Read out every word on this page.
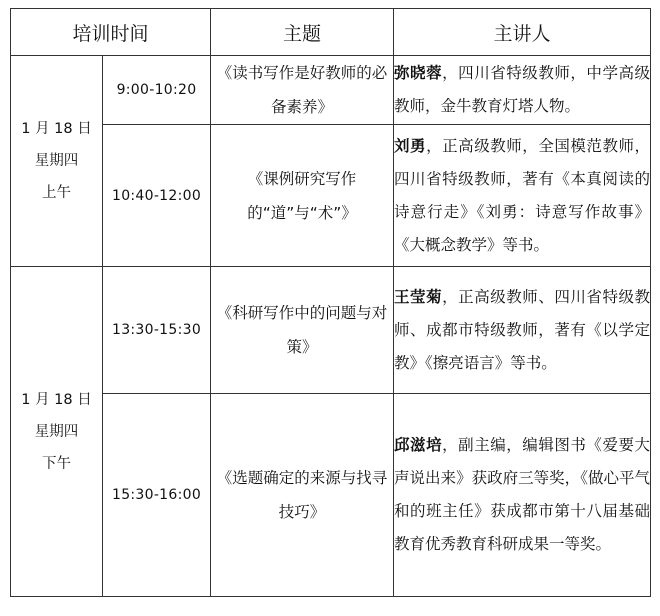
培训时间		主题	主讲人

1 月 18 日
星期四
上午	9:00-10:20	《读书写作是好教师的必备素养》	弥晓蓉，四川省特级教师，中学高级教师，金牛教育灯塔人物。
	10:40-12:00	《课例研究写作的“道”与“术”》	刘勇，正高级教师，全国模范教师，四川省特级教师，著有《本真阅读的诗意行走》《刘勇：诗意写作故事》《大概念教学》等书。

1 月 18 日
星期四
下午	13:30-15:30	《科研写作中的问题与对策》	王莹菊，正高级教师、四川省特级教师、成都市特级教师，著有《以学定教》《擦亮语言》等书。
	15:30-16:00	《选题确定的来源与找寻技巧》	邱滋培，副主编，编辑图书《爱要大声说出来》获政府三等奖，《做心平气和的班主任》获成都市第十八届基础教育优秀教育科研成果一等奖。
